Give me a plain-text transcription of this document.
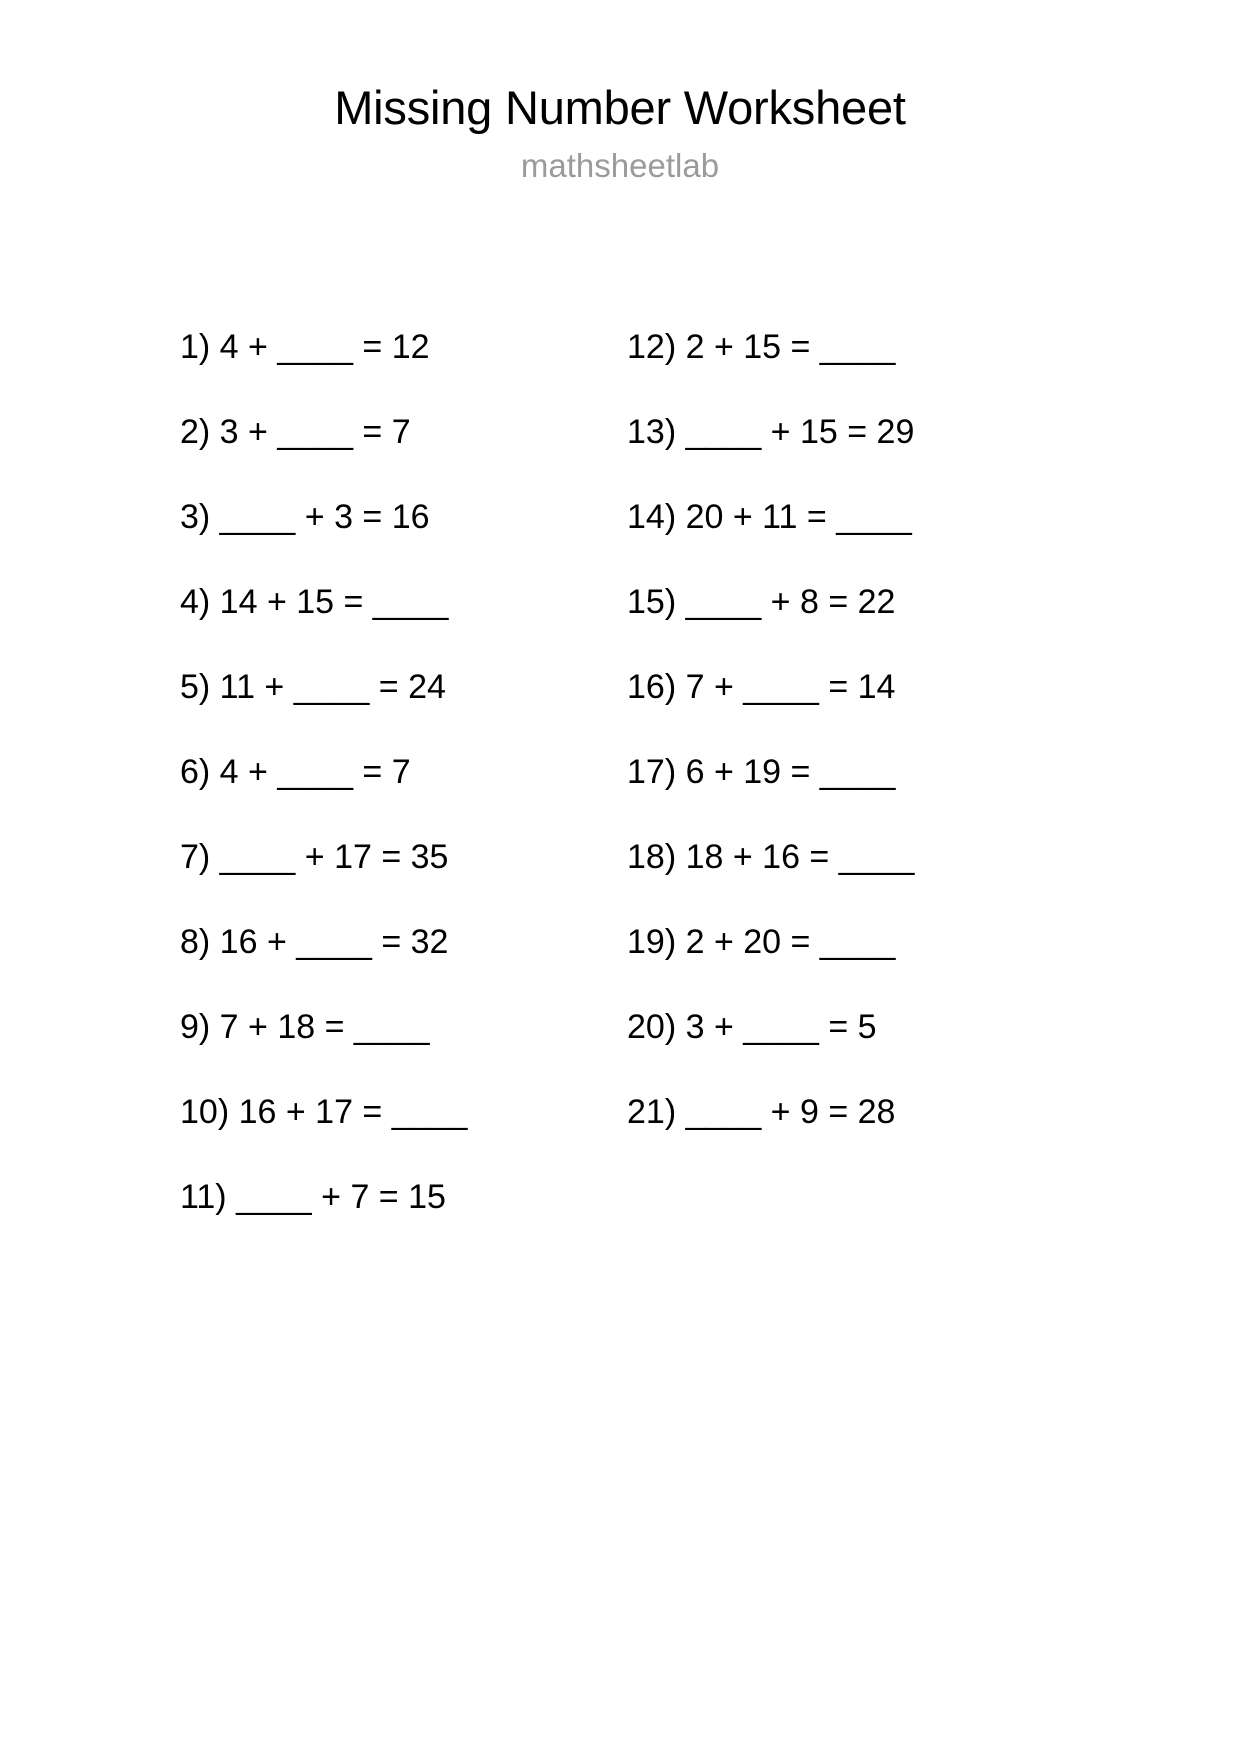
Missing Number Worksheet
mathsheetlab
1) 4 + ____ = 12
2) 3 + ____ = 7
3) ____ + 3 = 16
4) 14 + 15 = ____
5) 11 + ____ = 24
6) 4 + ____ = 7
7) ____ + 17 = 35
8) 16 + ____ = 32
9) 7 + 18 = ____
10) 16 + 17 = ____
11) ____ + 7 = 15
12) 2 + 15 = ____
13) ____ + 15 = 29
14) 20 + 11 = ____
15) ____ + 8 = 22
16) 7 + ____ = 14
17) 6 + 19 = ____
18) 18 + 16 = ____
19) 2 + 20 = ____
20) 3 + ____ = 5
21) ____ + 9 = 28
